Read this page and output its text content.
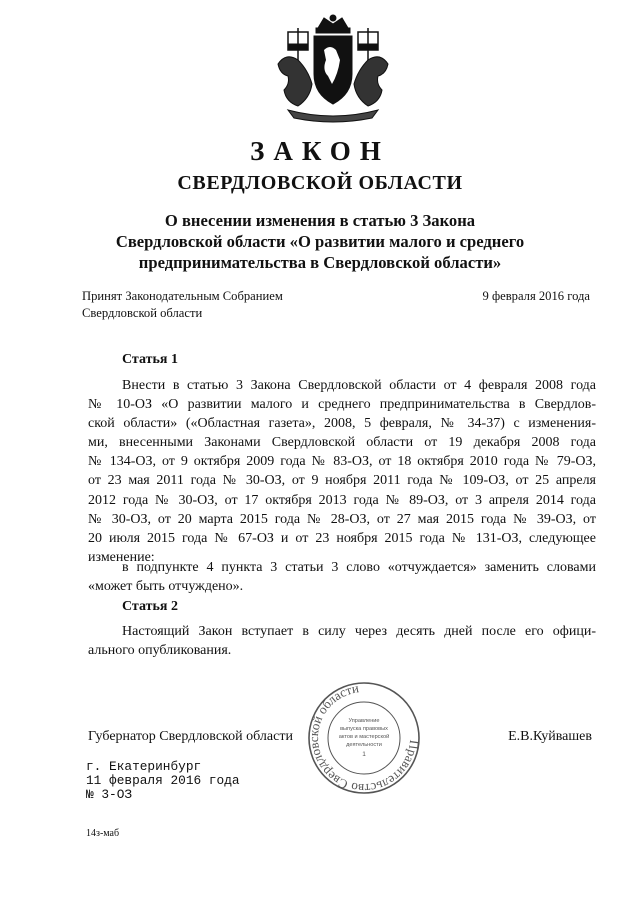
ЗАКОН
СВЕРДЛОВСКОЙ ОБЛАСТИ
О внесении изменения в статью 3 Закона
Свердловской области «О развитии малого и среднего
предпринимательства в Свердловской области»
Принят Законодательным Собранием
Свердловской области
9 февраля 2016 года
Статья 1
Внести в статью 3 Закона Свердловской области от 4 февраля 2008 года
№ 10-ОЗ «О развитии малого и среднего предпринимательства в Свердлов-
ской области» («Областная газета», 2008, 5 февраля, № 34-37) с изменения-
ми, внесенными Законами Свердловской области от 19 декабря 2008 года
№ 134-ОЗ, от 9 октября 2009 года № 83-ОЗ, от 18 октября 2010 года № 79-ОЗ,
от 23 мая 2011 года № 30-ОЗ, от 9 ноября 2011 года № 109-ОЗ, от 25 апреля
2012 года № 30-ОЗ, от 17 октября 2013 года № 89-ОЗ, от 3 апреля 2014 года
№ 30-ОЗ, от 20 марта 2015 года № 28-ОЗ, от 27 мая 2015 года № 39-ОЗ, от
20 июля 2015 года № 67-ОЗ и от 23 ноября 2015 года № 131-ОЗ, следующее
изменение:
в подпункте 4 пункта 3 статьи 3 слово «отчуждается» заменить словами
«может быть отчуждено».
Статья 2
Настоящий Закон вступает в силу через десять дней после его офици-
ального опубликования.
Губернатор Свердловской области	Е.В.Куйвашев
Правительство Свердловской области
Управление
выпуска правовых
актов и мастерской
деятельности
1
г. Екатеринбург
11 февраля 2016 года
№ 3-ОЗ
14з-маб
